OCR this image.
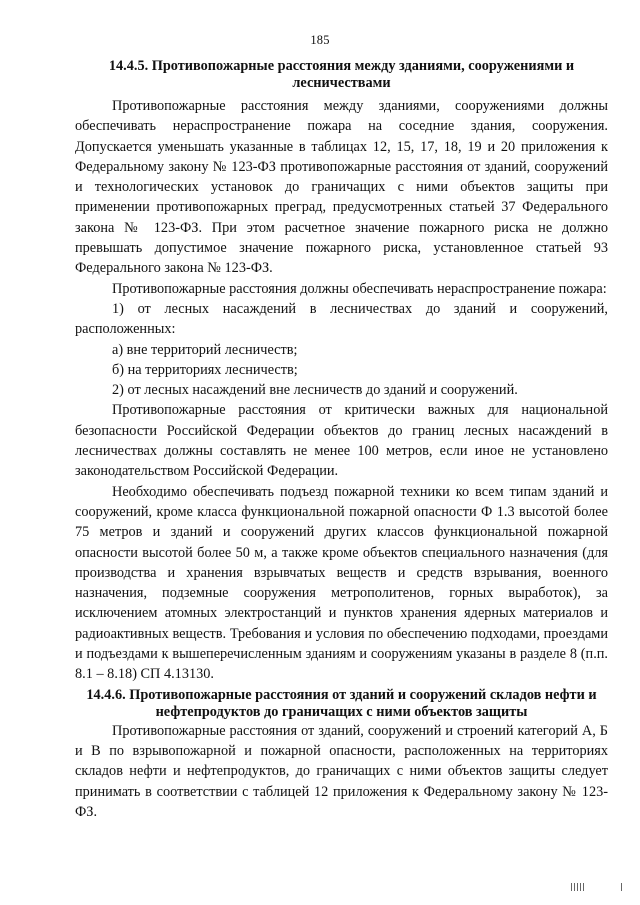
185
14.4.5. Противопожарные расстояния между зданиями, сооружениями и лесничествами

Противопожарные расстояния между зданиями, сооружениями должны обеспечивать нераспространение пожара на соседние здания, сооружения. Допускается уменьшать указанные в таблицах 12, 15, 17, 18, 19 и 20 приложения к Федеральному закону № 123-ФЗ противопожарные расстояния от зданий, сооружений и технологических установок до граничащих с ними объектов защиты при применении противопожарных преград, предусмотренных статьей 37 Федерального закона № 123-ФЗ. При этом расчетное значение пожарного риска не должно превышать допустимое значение пожарного риска, установленное статьей 93 Федерального закона № 123-ФЗ.

Противопожарные расстояния должны обеспечивать нераспространение пожара:

1) от лесных насаждений в лесничествах до зданий и сооружений, расположенных:

а) вне территорий лесничеств;

б) на территориях лесничеств;

2) от лесных насаждений вне лесничеств до зданий и сооружений.

Противопожарные расстояния от критически важных для национальной безопасности Российской Федерации объектов до границ лесных насаждений в лесничествах должны составлять не менее 100 метров, если иное не установлено законодательством Российской Федерации.

Необходимо обеспечивать подъезд пожарной техники ко всем типам зданий и сооружений, кроме класса функциональной пожарной опасности Ф 1.3 высотой более 75 метров и зданий и сооружений других классов функциональной пожарной опасности высотой более 50 м, а также кроме объектов специального назначения (для производства и хранения взрывчатых веществ и средств взрывания, военного назначения, подземные сооружения метрополитенов, горных выработок), за исключением атомных электростанций и пунктов хранения ядерных материалов и радиоактивных веществ. Требования и условия по обеспечению подходами, проездами и подъездами к вышеперечисленным зданиям и сооружениям указаны в разделе 8 (п.п. 8.1 – 8.18) СП 4.13130.

14.4.6. Противопожарные расстояния от зданий и сооружений складов нефти и нефтепродуктов до граничащих с ними объектов защиты

Противопожарные расстояния от зданий, сооружений и строений категорий А, Б и В по взрывопожарной и пожарной опасности, расположенных на территориях складов нефти и нефтепродуктов, до граничащих с ними объектов защиты следует принимать в соответствии с таблицей 12 приложения к Федеральному закону № 123-ФЗ.
